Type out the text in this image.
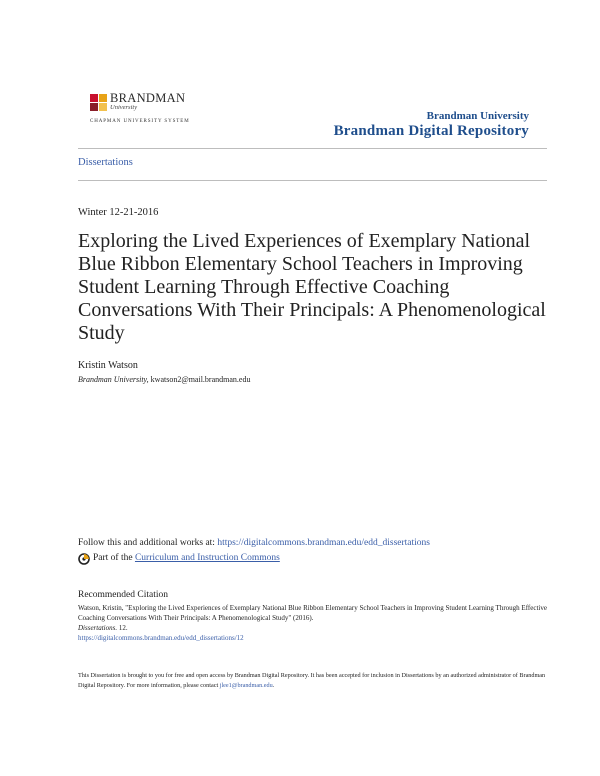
BRANDMAN
University
CHAPMAN UNIVERSITY SYSTEM	Brandman University
Brandman Digital Repository
Dissertations
Winter 12-21-2016
Exploring the Lived Experiences of Exemplary National Blue Ribbon Elementary School Teachers in Improving Student Learning Through Effective Coaching Conversations With Their Principals: A Phenomenological Study
Kristin Watson
Brandman University, kwatson2@mail.brandman.edu
Follow this and additional works at: https://digitalcommons.brandman.edu/edd_dissertations
Part of the Curriculum and Instruction Commons
Recommended Citation
Watson, Kristin, "Exploring the Lived Experiences of Exemplary National Blue Ribbon Elementary School Teachers in Improving Student Learning Through Effective Coaching Conversations With Their Principals: A Phenomenological Study" (2016).
Dissertations. 12.
https://digitalcommons.brandman.edu/edd_dissertations/12
This Dissertation is brought to you for free and open access by Brandman Digital Repository. It has been accepted for inclusion in Dissertations by an authorized administrator of Brandman Digital Repository. For more information, please contact jlee1@brandman.edu.
